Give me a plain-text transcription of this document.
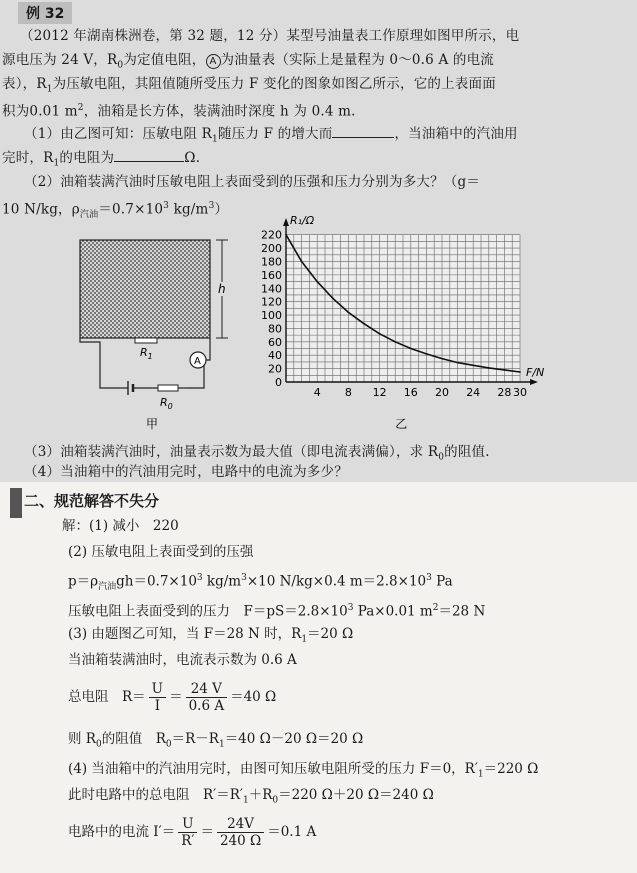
例 32
（2012 年湖南株洲卷，第 32 题，12 分）某型号油量表工作原理如图甲所示，电
源电压为 24 V，$R_0$为定值电阻， A 为油量表（实际上是量程为 0～0.6 A 的电流
表），$R_1$为压敏电阻，其阻值随所受压力 F 变化的图象如图乙所示，它的上表面面
积为0.01 $m^2$，油箱是长方体，装满油时深度 h 为 0.4 m.
（1）由乙图可知：压敏电阻 $R_1$随压力 F 的增大而	，当油箱中的汽油用
完时，$R_1$的电阻为	Ω.
（2）油箱装满汽油时压敏电阻上表面受到的压强和压力分别为多大？（g＝
10 N/kg，$\rho_{汽油}=0.7\times 10^3$ $kg/m^3$）
h
A
$R_1$
$R_0$
甲
0
20
40
60
80
100
120
140
160
180
200
220
4 8 12 16 20 24 28 30
R₁/Ω
F/N
乙
（3）油箱装满汽油时，油量表示数为最大值（即电流表满偏），求 $R_0$的阻值.
（4）当油箱中的汽油用完时，电路中的电流为多少？
二、规范解答不失分
解：(1) 减小　220
(2) 压敏电阻上表面受到的压强
$p=\rho_{汽油}gh=0.7\times 10^3$ $kg/m^3\times 10$ N/kg×0.4 $m=2.8\times 10^3$ Pa
压敏电阻上表面受到的压力　$F=pS=2.8\times 10^3$ Pa×0.01 $m^2=28$ N
(3) 由题图乙可知，当 F＝28 N 时，$R_1=20$ Ω
当油箱装满油时，电流表示数为 0.6 A
总电阻　$R= \frac{U}{I} = \frac{24 V}{0.6 A} =40$ Ω
则 $R_0$的阻值　$R_0=R-R_1=40$ Ω－20 Ω＝20 Ω
(4) 当油箱中的汽油用完时，由图可知压敏电阻所受的压力 F＝0，$R'_1=220$ Ω
此时电路中的总电阻　$R'=R'_1+R_0=220$ Ω＋20 Ω＝240 Ω
电路中的电流 $I'= \frac{U}{R'} = \frac{24V}{240 \Omega} =0.1$ A
